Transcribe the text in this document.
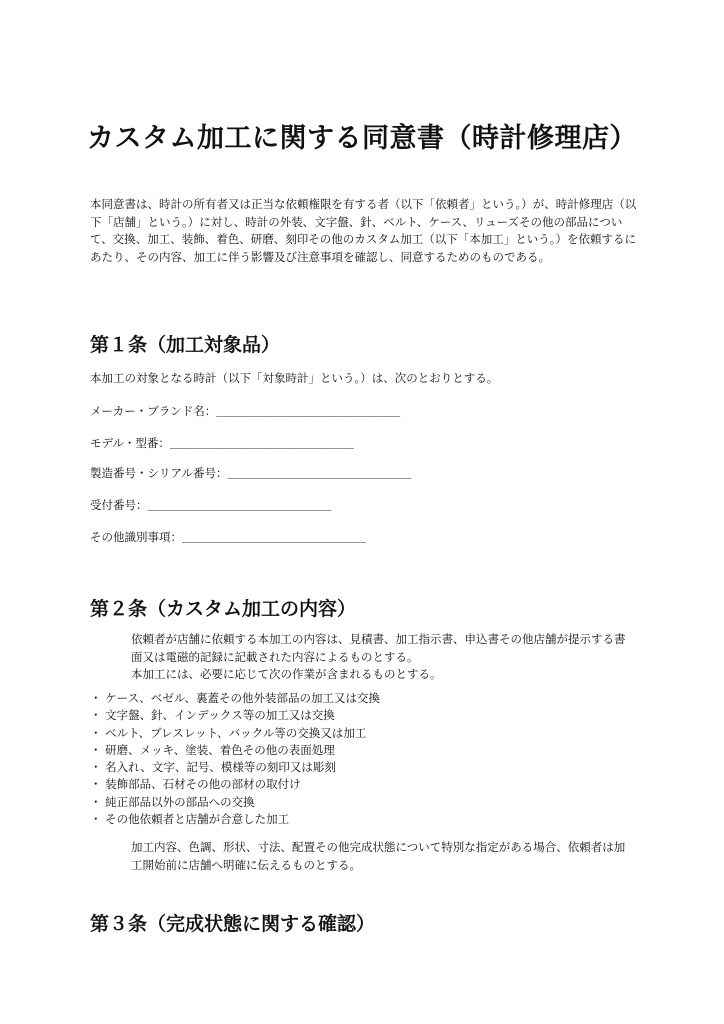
カスタム加工に関する同意書（時計修理店）
本同意書は、時計の所有者又は正当な依頼権限を有する者（以下「依頼者」という。）が、時計修理店（以下「店舗」という。）に対し、時計の外装、文字盤、針、ベルト、ケース、リューズその他の部品について、交換、加工、装飾、着色、研磨、刻印その他のカスタム加工（以下「本加工」という。）を依頼するにあたり、その内容、加工に伴う影響及び注意事項を確認し、同意するためのものである。
第１条（加工対象品）
本加工の対象となる時計（以下「対象時計」という。）は、次のとおりとする。
メーカー・ブランド名：＿＿＿＿＿＿＿＿＿＿＿＿＿＿＿＿
モデル・型番：＿＿＿＿＿＿＿＿＿＿＿＿＿＿＿＿
製造番号・シリアル番号：＿＿＿＿＿＿＿＿＿＿＿＿＿＿＿＿
受付番号：＿＿＿＿＿＿＿＿＿＿＿＿＿＿＿＿
その他識別事項：＿＿＿＿＿＿＿＿＿＿＿＿＿＿＿＿
第２条（カスタム加工の内容）
依頼者が店舗に依頼する本加工の内容は、見積書、加工指示書、申込書その他店舗が提示する書面又は電磁的記録に記載された内容によるものとする。
本加工には、必要に応じて次の作業が含まれるものとする。
・ ケース、ベゼル、裏蓋その他外装部品の加工又は交換
・ 文字盤、針、インデックス等の加工又は交換
・ ベルト、ブレスレット、バックル等の交換又は加工
・ 研磨、メッキ、塗装、着色その他の表面処理
・ 名入れ、文字、記号、模様等の刻印又は彫刻
・ 装飾部品、石材その他の部材の取付け
・ 純正部品以外の部品への交換
・ その他依頼者と店舗が合意した加工
加工内容、色調、形状、寸法、配置その他完成状態について特別な指定がある場合、依頼者は加工開始前に店舗へ明確に伝えるものとする。
第３条（完成状態に関する確認）
